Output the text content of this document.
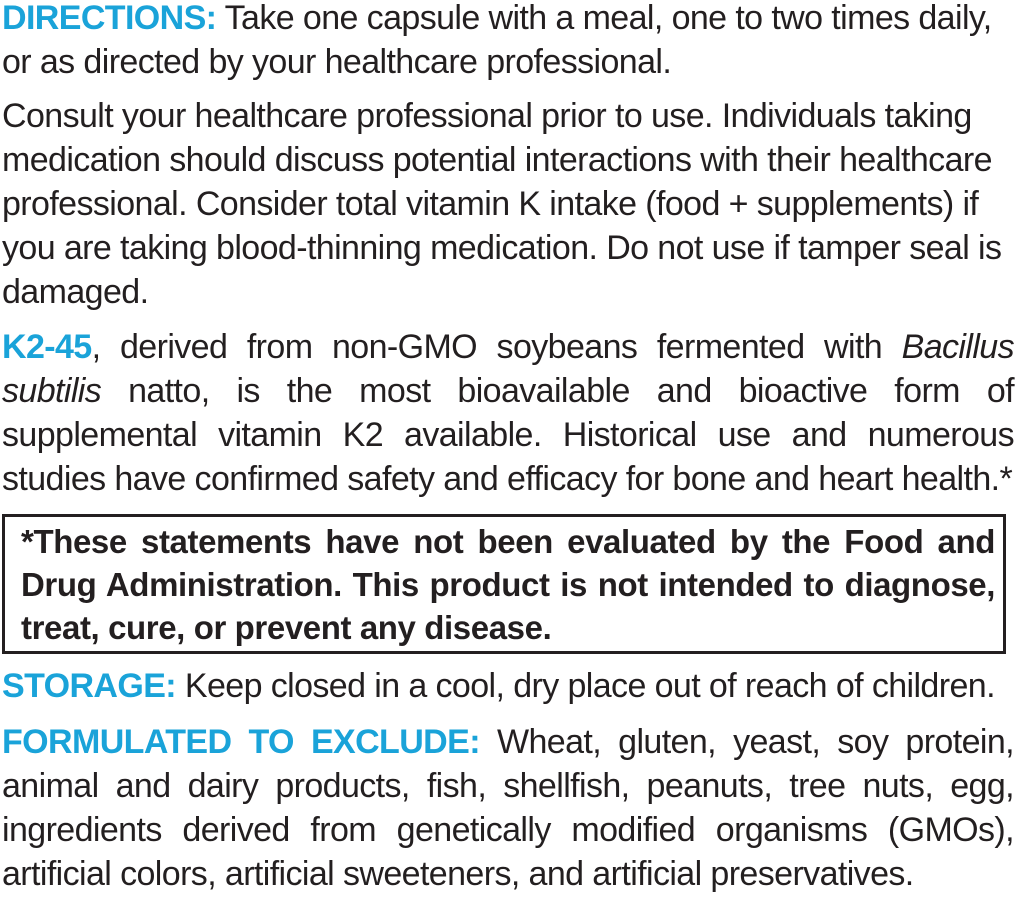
DIRECTIONS: Take one capsule with a meal, one to two times daily, or as directed by your healthcare professional.
Consult your healthcare professional prior to use. Individuals taking medication should discuss potential interactions with their healthcare professional. Consider total vitamin K intake (food + supplements) if you are taking blood-thinning medication. Do not use if tamper seal is damaged.
K2-45, derived from non-GMO soybeans fermented with Bacillus subtilis natto, is the most bioavailable and bioactive form of supplemental vitamin K2 available. Historical use and numerous studies have confirmed safety and efficacy for bone and heart health.*
*These statements have not been evaluated by the Food and Drug Administration. This product is not intended to diagnose, treat, cure, or prevent any disease.
STORAGE: Keep closed in a cool, dry place out of reach of children.
FORMULATED TO EXCLUDE: Wheat, gluten, yeast, soy protein, animal and dairy products, fish, shellfish, peanuts, tree nuts, egg, ingredients derived from genetically modified organisms (GMOs), artificial colors, artificial sweeteners, and artificial preservatives.
